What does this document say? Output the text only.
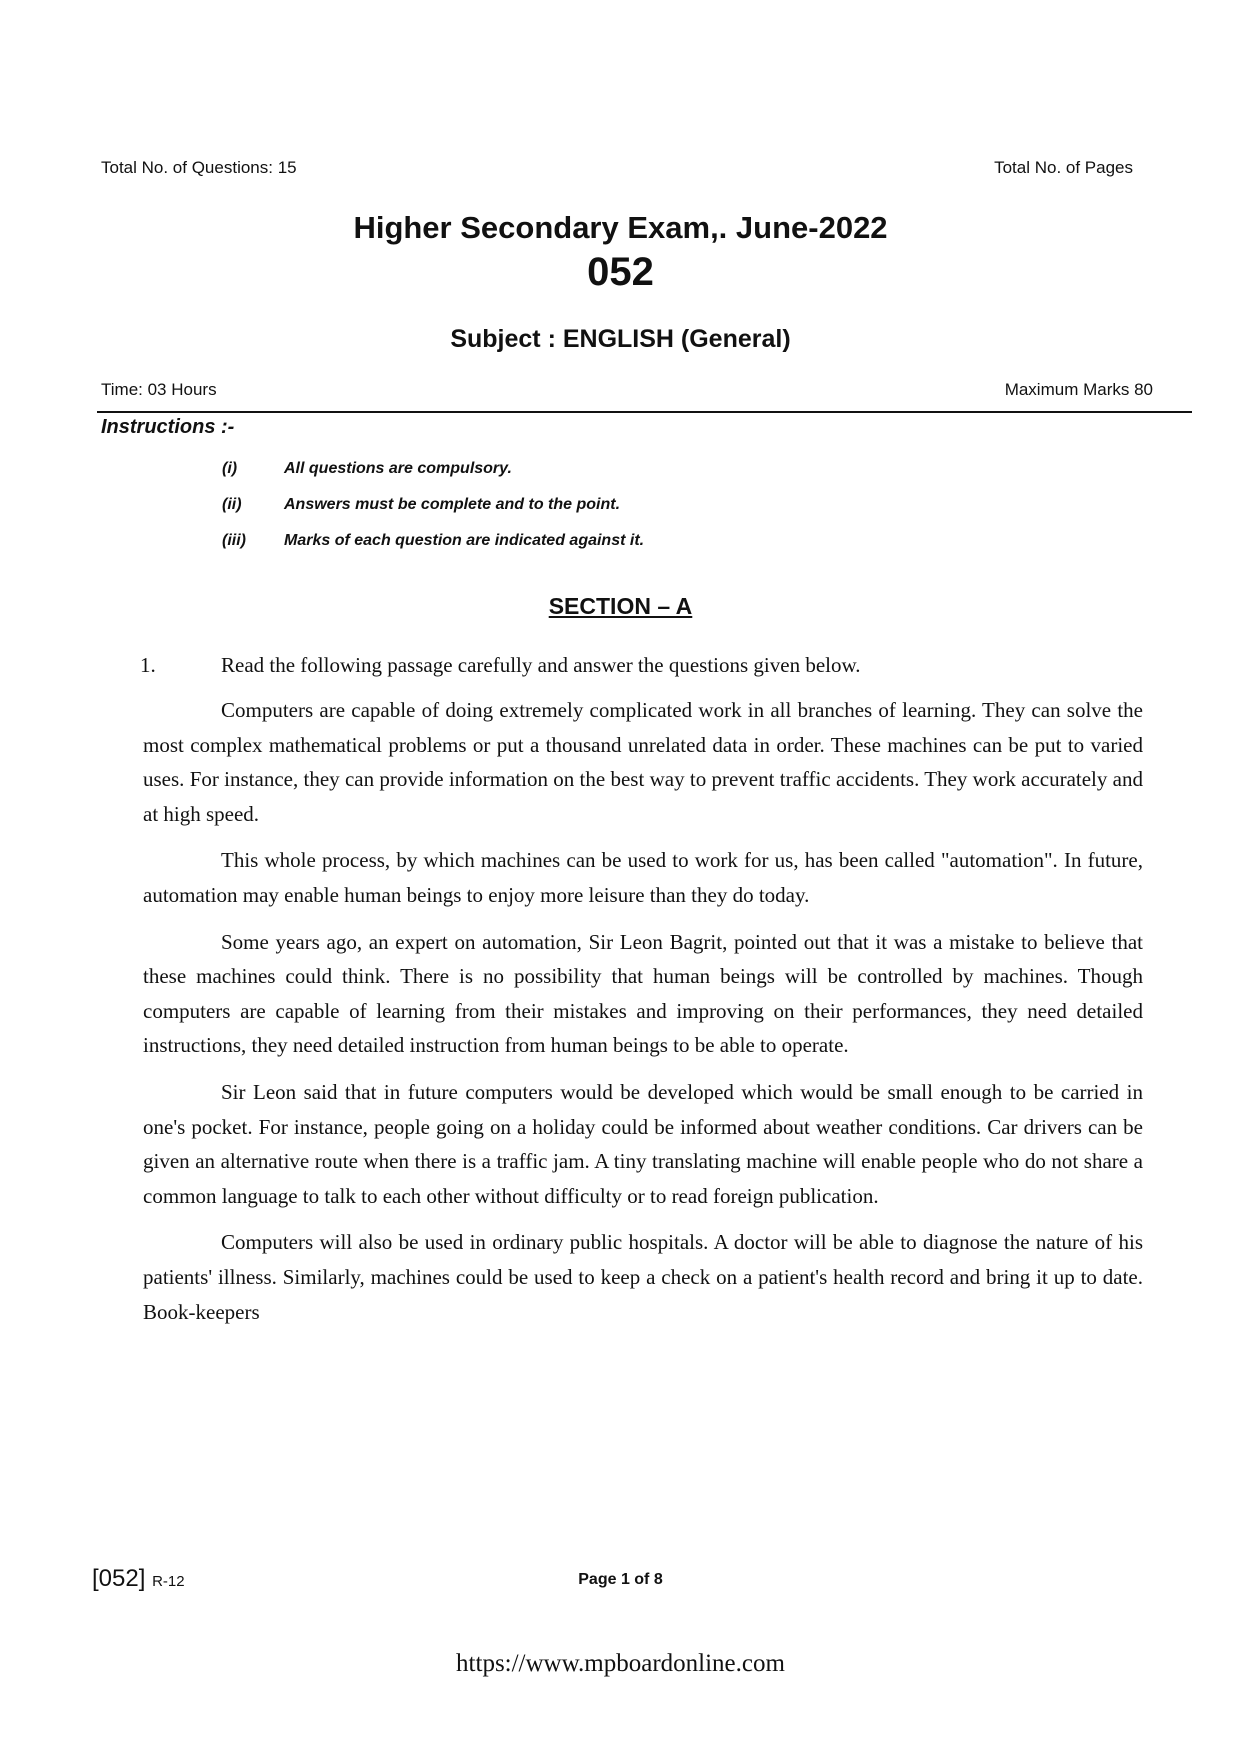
Total No. of Questions: 15	Total No. of Pages
Higher Secondary Exam,. June-2022
052
Subject : ENGLISH (General)
Time: 03 Hours	Maximum Marks 80
Instructions :-
(i)	All questions are compulsory.
(ii)	Answers must be complete and to the point.
(iii) Marks of each question are indicated against it.
SECTION – A
1.	Read the following passage carefully and answer the questions given below.

Computers are capable of doing extremely complicated work in all branches of learning. They can solve the most complex mathematical problems or put a thousand unrelated data in order. These machines can be put to varied uses. For instance, they can provide information on the best way to prevent traffic accidents. They work accurately and at high speed.

This whole process, by which machines can be used to work for us, has been called "automation". In future, automation may enable human beings to enjoy more leisure than they do today.

Some years ago, an expert on automation, Sir Leon Bagrit, pointed out that it was a mistake to believe that these machines could think. There is no possibility that human beings will be controlled by machines. Though computers are capable of learning from their mistakes and improving on their performances, they need detailed instructions, they need detailed instruction from human beings to be able to operate.

Sir Leon said that in future computers would be developed which would be small enough to be carried in one's pocket. For instance, people going on a holiday could be informed about weather conditions. Car drivers can be given an alternative route when there is a traffic jam. A tiny translating machine will enable people who do not share a common language to talk to each other without difficulty or to read foreign publication.

Computers will also be used in ordinary public hospitals. A doctor will be able to diagnose the nature of his patients' illness. Similarly, machines could be used to keep a check on a patient's health record and bring it up to date. Book-keepers

[052] R-12	Page 1 of 8
https://www.mpboardonline.com
